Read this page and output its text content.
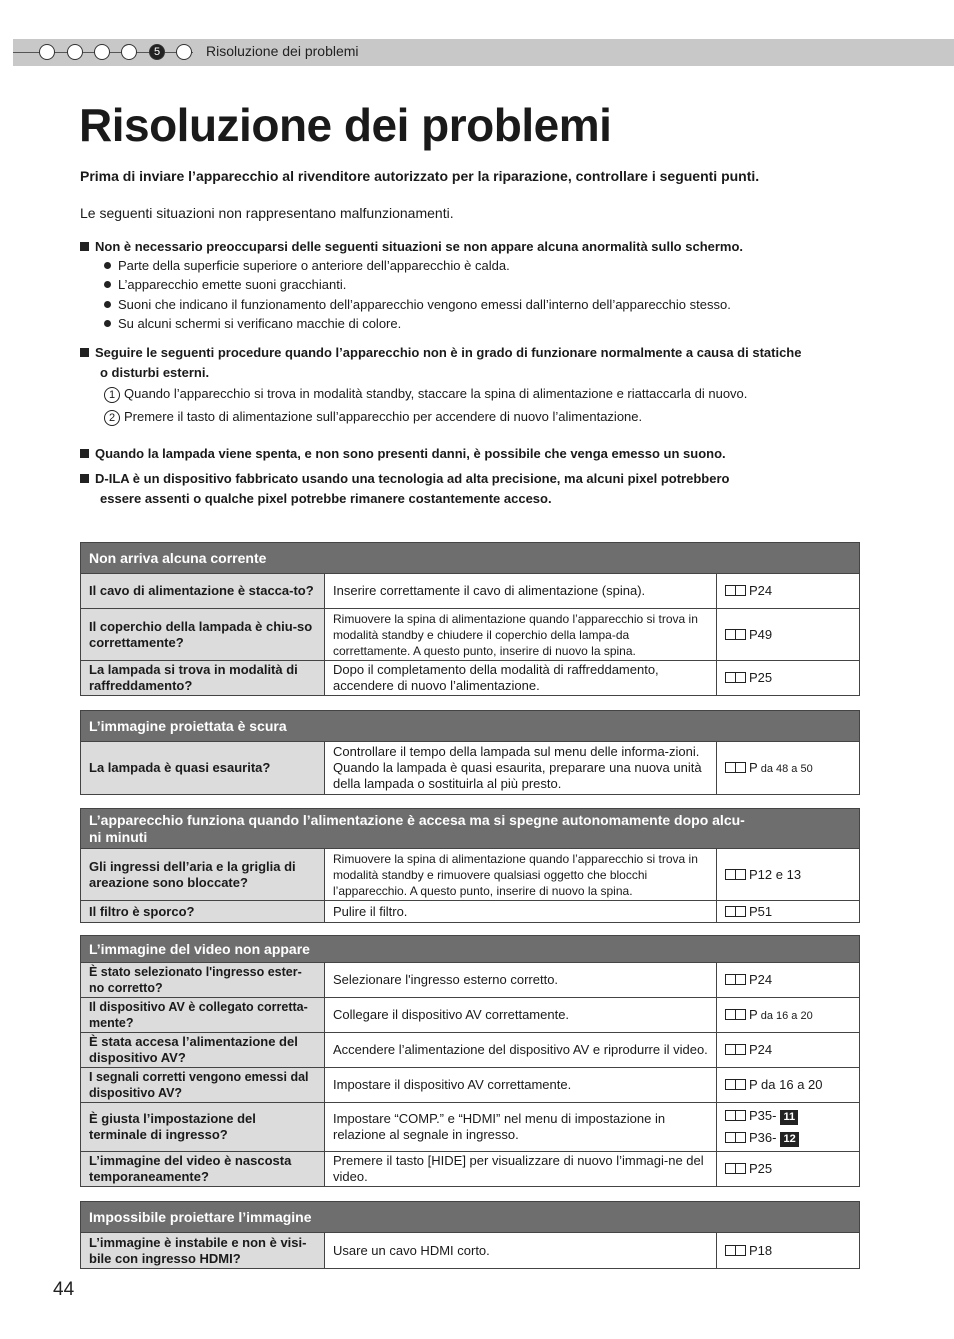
5	Risoluzione dei problemi
Risoluzione dei problemi
Prima di inviare l’apparecchio al rivenditore autorizzato per la riparazione, controllare i seguenti punti.
Le seguenti situazioni non rappresentano malfunzionamenti.
Non è necessario preoccuparsi delle seguenti situazioni se non appare alcuna anormalità sullo schermo.
Parte della superficie superiore o anteriore dell’apparecchio è calda.
L’apparecchio emette suoni gracchianti.
Suoni che indicano il funzionamento dell’apparecchio vengono emessi dall’interno dell’apparecchio stesso.
Su alcuni schermi si verificano macchie di colore.
Seguire le seguenti procedure quando l’apparecchio non è in grado di funzionare normalmente a causa di statiche
o disturbi esterni.
1 Quando l’apparecchio si trova in modalità standby, staccare la spina di alimentazione e riattaccarla di nuovo.
2 Premere il tasto di alimentazione sull’apparecchio per accendere di nuovo l’alimentazione.
Quando la lampada viene spenta, e non sono presenti danni, è possibile che venga emesso un suono.
D-ILA è un dispositivo fabbricato usando una tecnologia ad alta precisione, ma alcuni pixel potrebbero
essere assenti o qualche pixel potrebbe rimanere costantemente acceso.
Non arriva alcuna corrente		
Il cavo di alimentazione è stacca-to?	Inserire correttamente il cavo di alimentazione (spina).	P24
Il coperchio della lampada è chiu-so correttamente?	Rimuovere la spina di alimentazione quando l’apparecchio si trova in modalità standby e chiudere il coperchio della lampa-da correttamente. A questo punto, inserire di nuovo la spina.	P49
La lampada si trova in modalità di raffreddamento?	Dopo il completamento della modalità di raffreddamento, accendere di nuovo l’alimentazione.	P25
L’immagine proiettata è scura
La lampada è quasi esaurita?	Controllare il tempo della lampada sul menu delle informa-zioni. Quando la lampada è quasi esaurita, preparare una nuova unità della lampada o sostituirla al più presto.	P da 48 a 50
L’apparecchio funziona quando l’alimentazione è accesa ma si spegne autonomamente dopo alcu-
ni minuti		
Gli ingressi dell’aria e la griglia di areazione sono bloccate?	Rimuovere la spina di alimentazione quando l’apparecchio si trova in modalità standby e rimuovere qualsiasi oggetto che blocchi l’apparecchio. A questo punto, inserire di nuovo la spina.	P12 e 13
Il filtro è sporco?	Pulire il filtro.	P51
L’immagine del video non appare		
È stato selezionato l'ingresso ester-no corretto?	Selezionare l'ingresso esterno corretto.	P24
Il dispositivo AV è collegato corretta-mente?	Collegare il dispositivo AV correttamente.	P da 16 a 20
È stata accesa l’alimentazione del dispositivo AV?	Accendere l’alimentazione del dispositivo AV e riprodurre il video.	P24
I segnali corretti vengono emessi dal dispositivo AV?	Impostare il dispositivo AV correttamente.	P da 16 a 20
È giusta l’impostazione del terminale di ingresso?	Impostare “COMP.” e “HDMI” nel menu di impostazione in relazione al segnale in ingresso.	P35- 11
P36- 12

L’immagine del video è nascosta temporaneamente?	Premere il tasto [HIDE] per visualizzare di nuovo l’immagi-ne del video.	P25
Impossibile proiettare l’immagine
L’immagine è instabile e non è visi-bile con ingresso HDMI?	Usare un cavo HDMI corto.	P18
44
